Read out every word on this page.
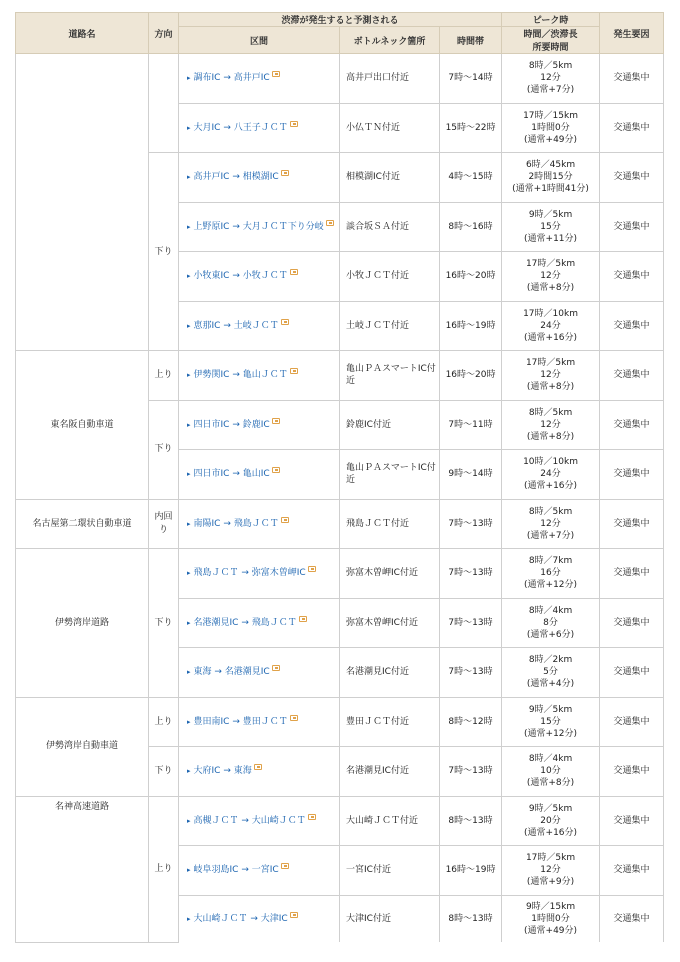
道路名	方向	渋滞が発生すると予測される			ピーク時	発生要因
		区間	ボトルネック箇所	時間帯	時間／渋滞長
所要時間	
		▸ 調布IC → 高井戸IC	高井戸出口付近	7時～14時	8時／5km
12分
(通常+7分)	交通集中
		▸ 大月IC → 八王子ＪＣＴ	小仏ＴＮ付近	15時～22時	17時／15km
1時間0分
(通常+49分)	交通集中
	下り	▸ 高井戸IC → 相模湖IC	相模湖IC付近	4時～15時	6時／45km
2時間15分
(通常+1時間41分)	交通集中
		▸ 上野原IC → 大月ＪＣＴ下り分岐	談合坂ＳＡ付近	8時～16時	9時／5km
15分
(通常+11分)	交通集中
		▸ 小牧東IC → 小牧ＪＣＴ	小牧ＪＣＴ付近	16時～20時	17時／5km
12分
(通常+8分)	交通集中
		▸ 恵那IC → 土岐ＪＣＴ	土岐ＪＣＴ付近	16時～19時	17時／10km
24分
(通常+16分)	交通集中
東名阪自動車道	上り	▸ 伊勢関IC → 亀山ＪＣＴ	亀山ＰＡスマートIC付近	16時～20時	17時／5km
12分
(通常+8分)	交通集中
	下り	▸ 四日市IC → 鈴鹿IC	鈴鹿IC付近	7時～11時	8時／5km
12分
(通常+8分)	交通集中
		▸ 四日市IC → 亀山IC	亀山ＰＡスマートIC付近	9時～14時	10時／10km
24分
(通常+16分)	交通集中
名古屋第二環状自動車道	内回り	▸ 南陽IC → 飛島ＪＣＴ	飛島ＪＣＴ付近	7時～13時	8時／5km
12分
(通常+7分)	交通集中
伊勢湾岸道路	下り	▸ 飛島ＪＣＴ → 弥富木曽岬IC	弥富木曽岬IC付近	7時～13時	8時／7km
16分
(通常+12分)	交通集中
		▸ 名港潮見IC → 飛島ＪＣＴ	弥富木曽岬IC付近	7時～13時	8時／4km
8分
(通常+6分)	交通集中
		▸ 東海 → 名港潮見IC	名港潮見IC付近	7時～13時	8時／2km
5分
(通常+4分)	交通集中
伊勢湾岸自動車道	上り	▸ 豊田南IC → 豊田ＪＣＴ	豊田ＪＣＴ付近	8時～12時	9時／5km
15分
(通常+12分)	交通集中
	下り	▸ 大府IC → 東海	名港潮見IC付近	7時～13時	8時／4km
10分
(通常+8分)	交通集中
名神高速道路	上り	▸ 高槻ＪＣＴ → 大山崎ＪＣＴ	大山崎ＪＣＴ付近	8時～13時	9時／5km
20分
(通常+16分)	交通集中
		▸ 岐阜羽島IC → 一宮IC	一宮IC付近	16時～19時	17時／5km
12分
(通常+9分)	交通集中
		▸ 大山崎ＪＣＴ → 大津IC	大津IC付近	8時～13時	9時／15km
1時間0分
(通常+49分)	交通集中
